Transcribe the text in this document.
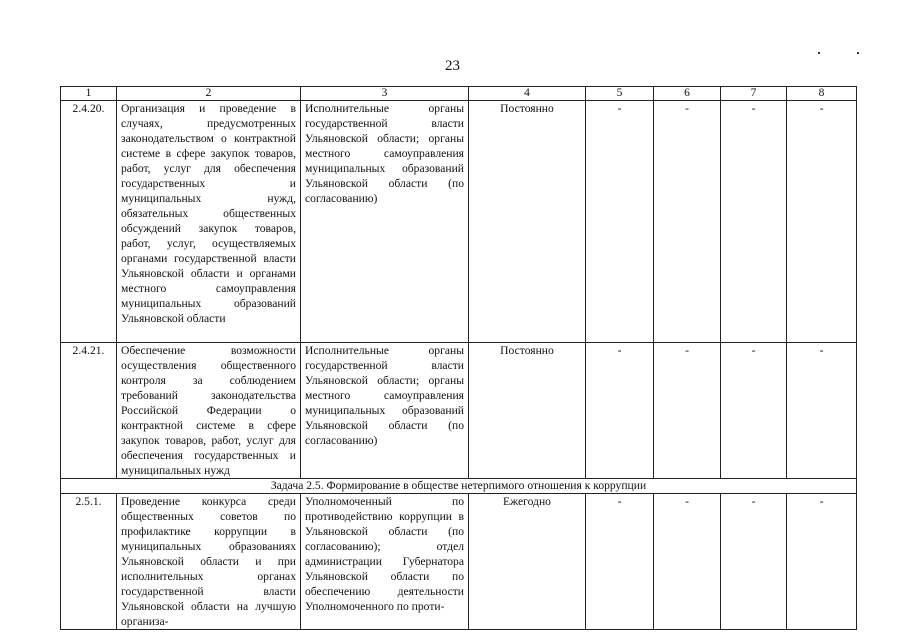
23
1	2	3	4	5	6	7	8
2.4.20.	Организация и проведение в случаях, предусмотренных законодательством о контрактной системе в сфере закупок товаров, работ, услуг для обеспечения государственных и муниципальных нужд, обязательных общественных обсуждений закупок товаров, работ, услуг, осуществляемых органами государственной власти Ульяновской области и органами местного самоуправления муниципальных образований Ульяновской области	Исполнительные органы государственной власти Ульяновской области; органы местного самоуправления муниципальных образований Ульяновской области (по согласованию)	Постоянно	-	-	-	-
2.4.21.	Обеспечение возможности осуществления общественного контроля за соблюдением требований законодательства Российской Федерации о контрактной системе в сфере закупок товаров, работ, услуг для обеспечения государственных и муниципальных нужд	Исполнительные органы государственной власти Ульяновской области; органы местного самоуправления муниципальных образований Ульяновской области (по согласованию)	Постоянно	-	-	-	-
Задача 2.5. Формирование в обществе нетерпимого отношения к коррупции							
2.5.1.	Проведение конкурса среди общественных советов по профилактике коррупции в муниципальных образованиях Ульяновской области и при исполнительных органах государственной власти Ульяновской области на лучшую организа-	Уполномоченный по противодействию коррупции в Ульяновской области (по согласованию); отдел администрации Губернатора Ульяновской области по обеспечению деятельности Уполномоченного по проти-	Ежегодно	-	-	-	-
